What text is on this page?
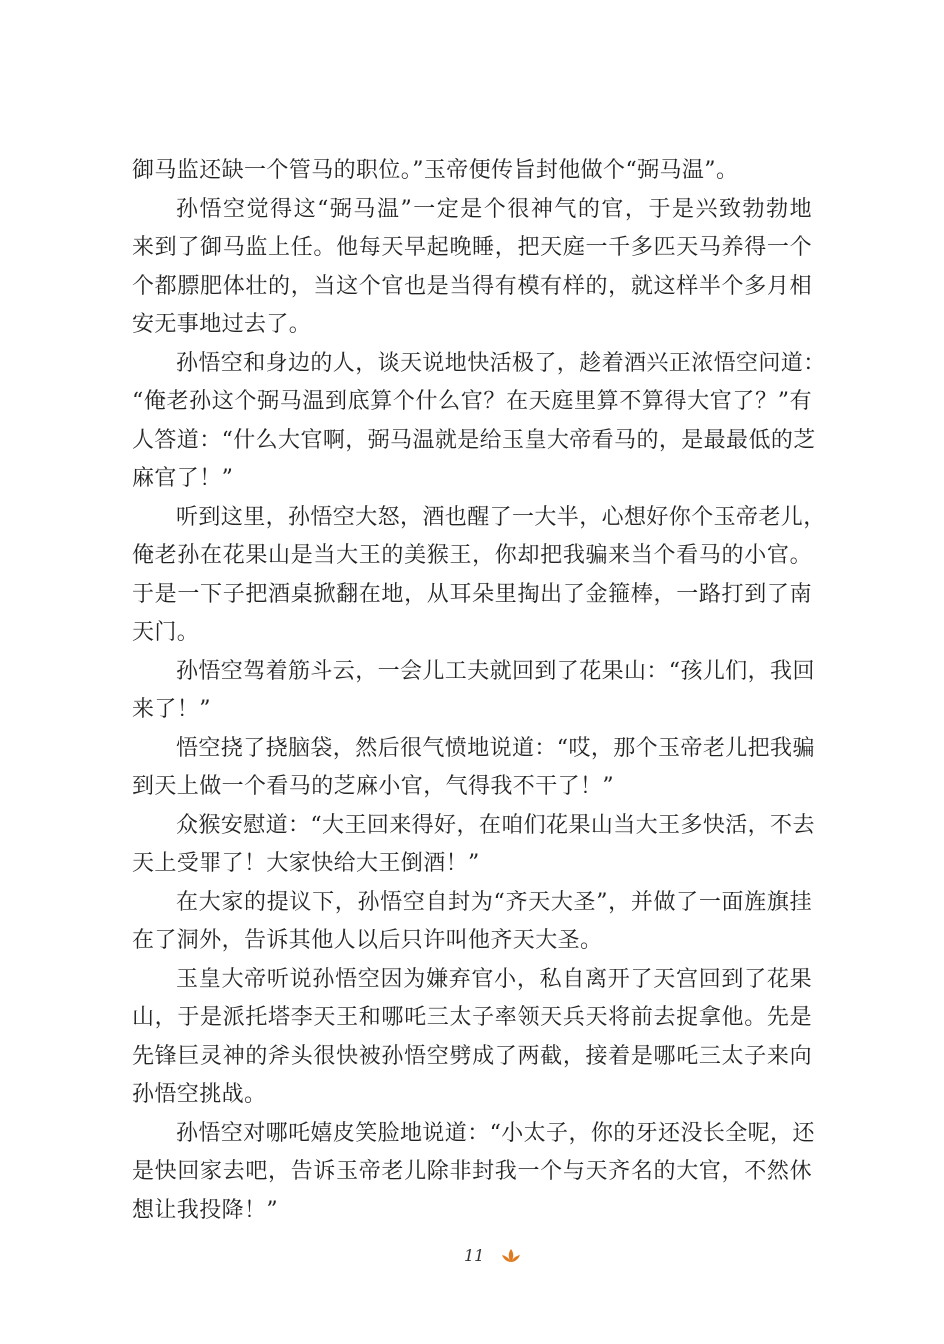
御马监还缺一个管马的职位。”玉帝便传旨封他做个“弼马温”。
孙悟空觉得这“弼马温”一定是个很神气的官，于是兴致勃勃地
来到了御马监上任。他每天早起晚睡，把天庭一千多匹天马养得一个
个都膘肥体壮的，当这个官也是当得有模有样的，就这样半个多月相
安无事地过去了。
孙悟空和身边的人，谈天说地快活极了，趁着酒兴正浓悟空问道：
“俺老孙这个弼马温到底算个什么官？在天庭里算不算得大官了？”有
人答道：“什么大官啊，弼马温就是给玉皇大帝看马的，是最最低的芝
麻官了！”
听到这里，孙悟空大怒，酒也醒了一大半，心想好你个玉帝老儿，
俺老孙在花果山是当大王的美猴王，你却把我骗来当个看马的小官。
于是一下子把酒桌掀翻在地，从耳朵里掏出了金箍棒，一路打到了南
天门。
孙悟空驾着筋斗云，一会儿工夫就回到了花果山：“孩儿们，我回
来了！”
悟空挠了挠脑袋，然后很气愤地说道：“哎，那个玉帝老儿把我骗
到天上做一个看马的芝麻小官，气得我不干了！”
众猴安慰道：“大王回来得好，在咱们花果山当大王多快活，不去
天上受罪了！大家快给大王倒酒！”
在大家的提议下，孙悟空自封为“齐天大圣”，并做了一面旌旗挂
在了洞外，告诉其他人以后只许叫他齐天大圣。
玉皇大帝听说孙悟空因为嫌弃官小，私自离开了天宫回到了花果
山，于是派托塔李天王和哪吒三太子率领天兵天将前去捉拿他。先是
先锋巨灵神的斧头很快被孙悟空劈成了两截，接着是哪吒三太子来向
孙悟空挑战。
孙悟空对哪吒嬉皮笑脸地说道：“小太子，你的牙还没长全呢，还
是快回家去吧，告诉玉帝老儿除非封我一个与天齐名的大官，不然休
想让我投降！”
11
